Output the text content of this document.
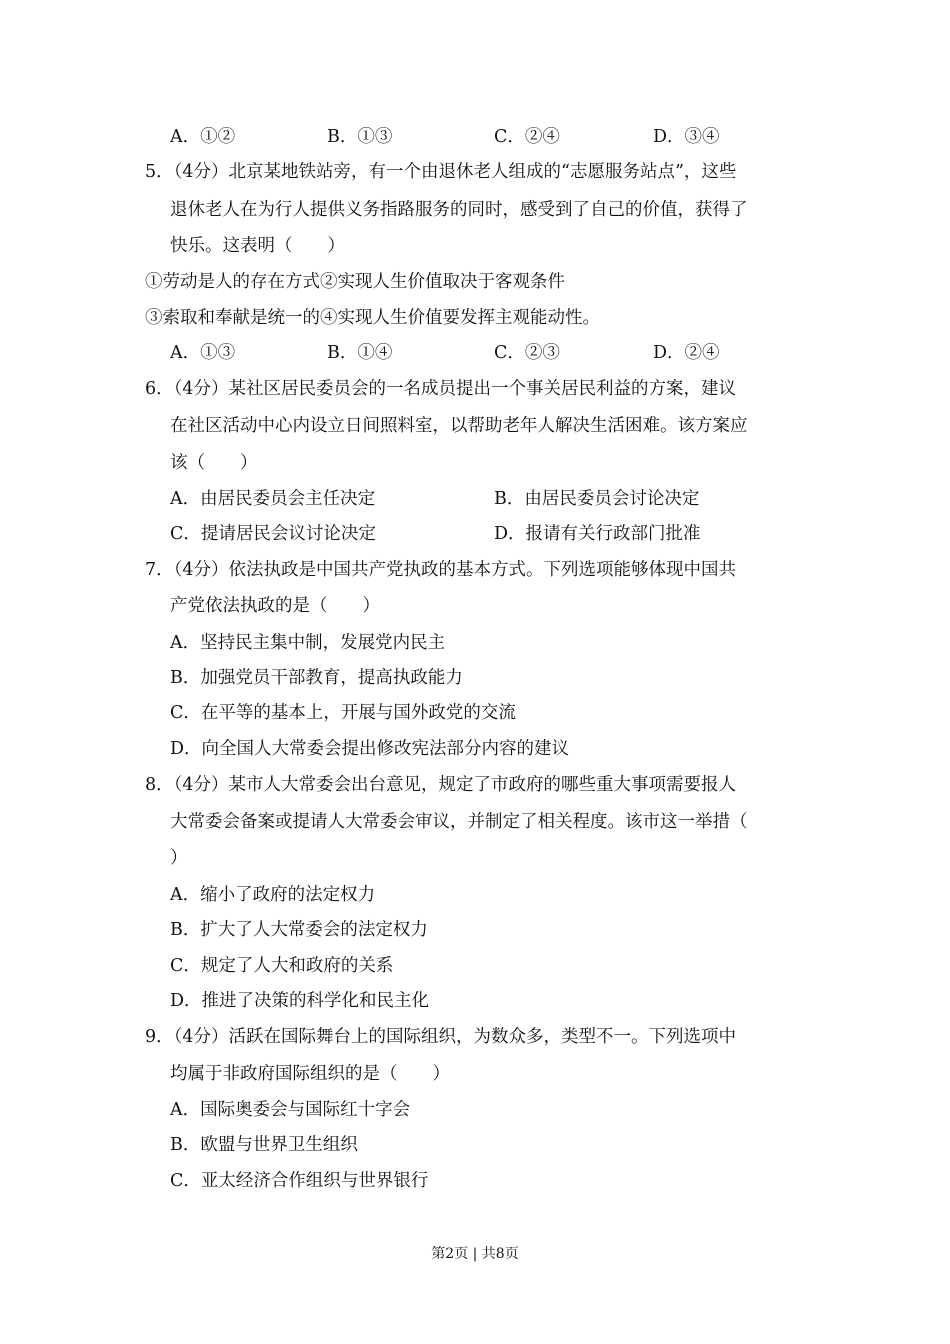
A．①②	B．①③	C．②④	D．③④
5．（4分）北京某地铁站旁，有一个由退休老人组成的“志愿服务站点”，这些
退休老人在为行人提供义务指路服务的同时，感受到了自己的价值，获得了
快乐。这表明（　　）
①劳动是人的存在方式②实现人生价值取决于客观条件
③索取和奉献是统一的④实现人生价值要发挥主观能动性。
A．①③	B．①④	C．②③	D．②④
6．（4分）某社区居民委员会的一名成员提出一个事关居民利益的方案，建议
在社区活动中心内设立日间照料室，以帮助老年人解决生活困难。该方案应
该（　　）
A．由居民委员会主任决定	B．由居民委员会讨论决定
C．提请居民会议讨论决定	D．报请有关行政部门批准
7．（4分）依法执政是中国共产党执政的基本方式。下列选项能够体现中国共
产党依法执政的是（　　）
A．坚持民主集中制，发展党内民主
B．加强党员干部教育，提高执政能力
C．在平等的基本上，开展与国外政党的交流
D．向全国人大常委会提出修改宪法部分内容的建议
8．（4分）某市人大常委会出台意见，规定了市政府的哪些重大事项需要报人
大常委会备案或提请人大常委会审议，并制定了相关程度。该市这一举措（
）
A．缩小了政府的法定权力
B．扩大了人大常委会的法定权力
C．规定了人大和政府的关系
D．推进了决策的科学化和民主化
9．（4分）活跃在国际舞台上的国际组织，为数众多，类型不一。下列选项中
均属于非政府国际组织的是（　　）
A．国际奥委会与国际红十字会
B．欧盟与世界卫生组织
C．亚太经济合作组织与世界银行
第2页 | 共8页
